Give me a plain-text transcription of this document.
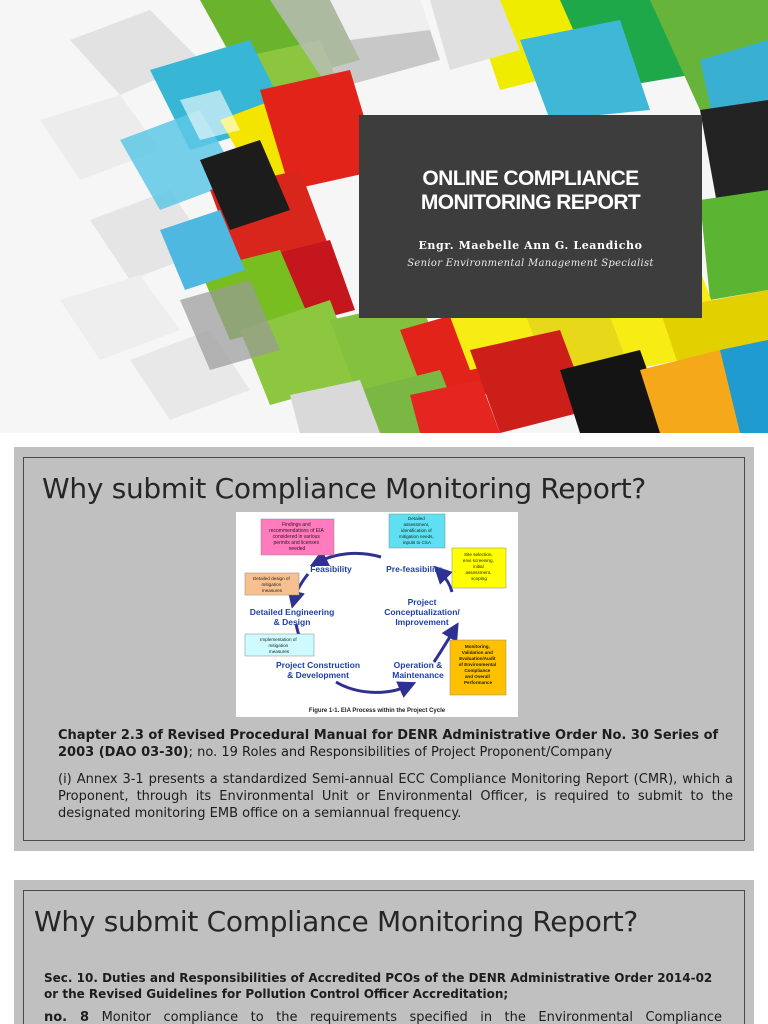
ONLINE COMPLIANCE MONITORING REPORT
Engr. Maebelle Ann G. Leandicho
Senior Environmental Management Specialist
Why submit Compliance Monitoring Report?
Findings and recommendations of EIA considered in various permits and licenses needed
Detailed assessment, identification of mitigation needs, inputs to CSA
Site selection, envi screening, initial assessment, scoping
Detailed design of mitigation measures
Implementation of mitigation measures
Monitoring, Validation and Evaluation/Audit of Environmental Compliance and Overall Performance
Feasibility	Pre-feasibility
Detailed Engineering
& Design
Project
Conceptualization/
Improvement
Project Construction
& Development
Operation &
Maintenance
Figure 1-1. EIA Process within the Project Cycle
Chapter 2.3 of Revised Procedural Manual for DENR Administrative Order No. 30 Series of 2003 (DAO 03-30); no. 19 Roles and Responsibilities of Project Proponent/Company
(i) Annex 3-1 presents a standardized Semi-annual ECC Compliance Monitoring Report (CMR), which a Proponent, through its Environmental Unit or Environmental Officer, is required to submit to the designated monitoring EMB office on a semiannual frequency.
Why submit Compliance Monitoring Report?
Sec. 10. Duties and Responsibilities of Accredited PCOs of the DENR Administrative Order 2014-02 or the Revised Guidelines for Pollution Control Officer Accreditation;
no. 8 Monitor compliance to the requirements specified in the Environmental Compliance
